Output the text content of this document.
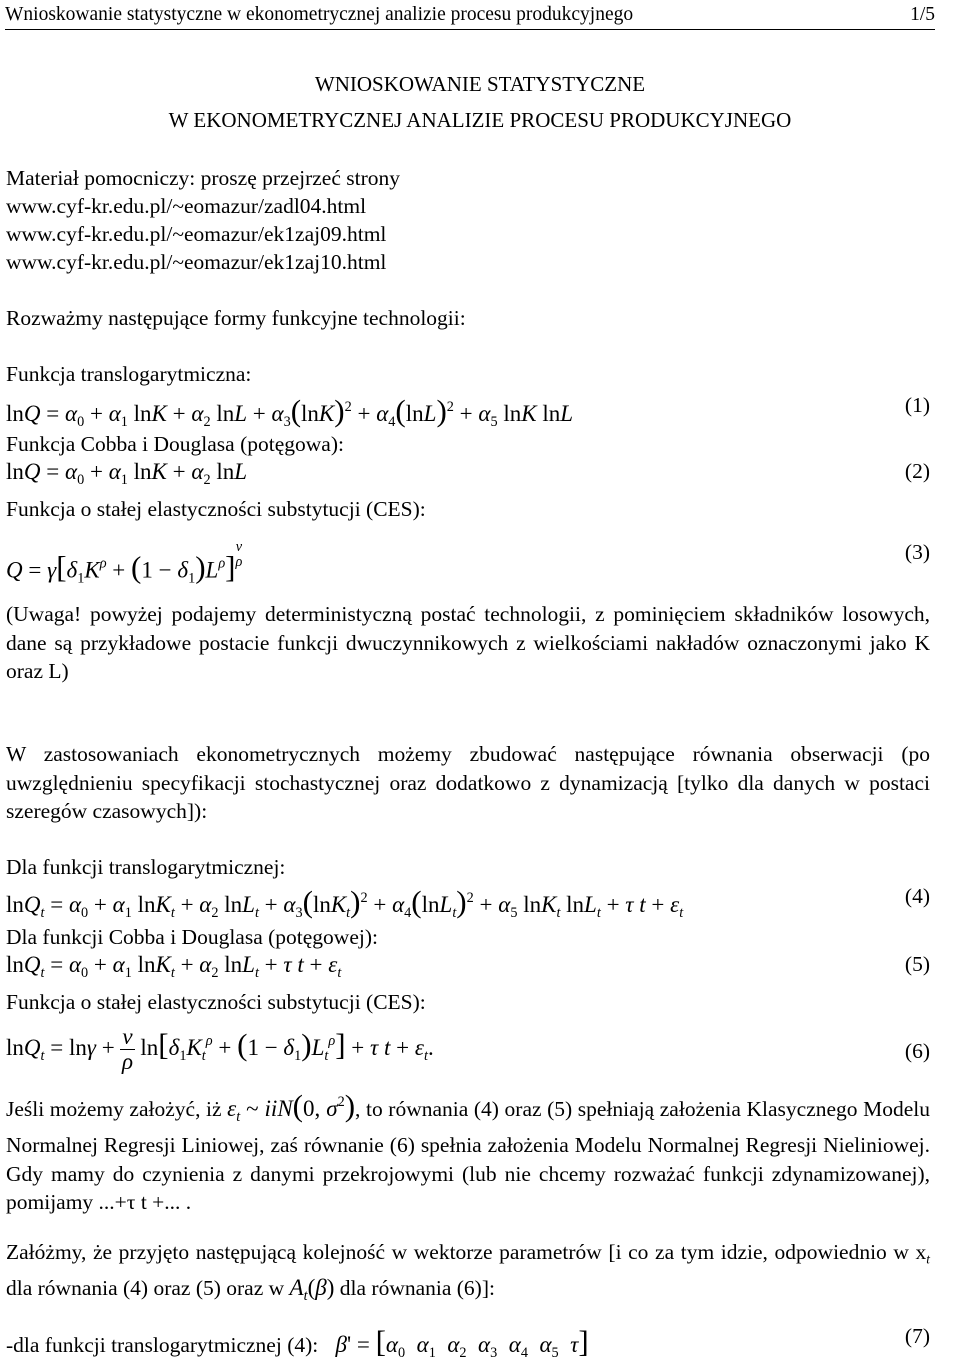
Wnioskowanie statystyczne w ekonometrycznej analizie procesu produkcyjnego	1/5
WNIOSKOWANIE STATYSTYCZNE
W EKONOMETRYCZNEJ ANALIZIE PROCESU PRODUKCYJNEGO
Materiał pomocniczy: proszę przejrzeć strony
www.cyf-kr.edu.pl/~eomazur/zadl04.html
www.cyf-kr.edu.pl/~eomazur/ek1zaj09.html
www.cyf-kr.edu.pl/~eomazur/ek1zaj10.html
Rozważmy następujące formy funkcyjne technologii:
Funkcja translogarytmiczna:
$\ln Q = \alpha_0 + \alpha_1$ $\ln K + \alpha_2$ $\ln L + \alpha_3(\ln K)^2 + \alpha_4(\ln L)^2 + \alpha_5$ lnK lnL	(1)
Funkcja Cobba i Douglasa (potęgowa):
$\ln Q = \alpha_0 + \alpha_1$ $\ln K + \alpha_2$ lnL	(2)
Funkcja o stałej elastyczności substytucji (CES):
$Q = \gamma[\delta_1K^\rho + (1 - \delta_1)L^\rho]$
$^{\nu \rho}$	(3)
(Uwaga! powyżej podajemy deterministyczną postać technologii, z pominięciem składników losowych, dane są przykładowe postacie funkcji dwuczynnikowych z wielkościami nakładów oznaczonymi jako K oraz L)
W zastosowaniach ekonometrycznych możemy zbudować następujące równania obserwacji (po uwzględnieniu specyfikacji stochastycznej oraz dodatkowo z dynamizacją [tylko dla danych w postaci szeregów czasowych]):
Dla funkcji translogarytmicznej:
$\ln Q_t = \alpha_0 + \alpha_1$ $\ln K_t + \alpha_2$ $\ln L_t + \alpha_3(\ln K_t)^2 + \alpha_4(\ln L_t)^2 + \alpha_5$ lnK$_t$ lnL$_t$ + τ $t + \varepsilon_t$
(4)
Dla funkcji Cobba i Douglasa (potęgowej):
$\ln Q_t = \alpha_0 + \alpha_1$ $\ln K_t + \alpha_2$ lnL$_t$ + τ $t + \varepsilon_t$	(5)
Funkcja o stałej elastyczności substytucji (CES):
$\ln Q_t = \ln\gamma + \frac{\nu}{\rho} \ln[\delta_1K_t^\rho + (1 - \delta_1)L_t^\rho] + \tau$ $t + \varepsilon_t$.	(6)
Jeśli możemy założyć, iż $\varepsilon_t$ ~ iiN(0, $\sigma^2$), to równania (4) oraz (5) spełniają założenia Klasycznego Modelu Normalnej Regresji Liniowej, zaś równanie (6) spełnia założenia Modelu Normalnej Regresji Nieliniowej. Gdy mamy do czynienia z danymi przekrojowymi (lub nie chcemy rozważać funkcji zdynamizowanej), pomijamy ...+τ t +... .
Załóżmy, że przyjęto następującą kolejność w wektorze parametrów [i co za tym idzie, odpowiednio w $x_t$ dla równania (4) oraz (5) oraz w $A_t(\beta)$ dla równania (6)]:
-dla funkcji translogarytmicznej (4): $\beta' = [\alpha_0$ $\alpha_1$ $\alpha_2$ $\alpha_3$ $\alpha_4$ $\alpha_5$ τ]	(7)
